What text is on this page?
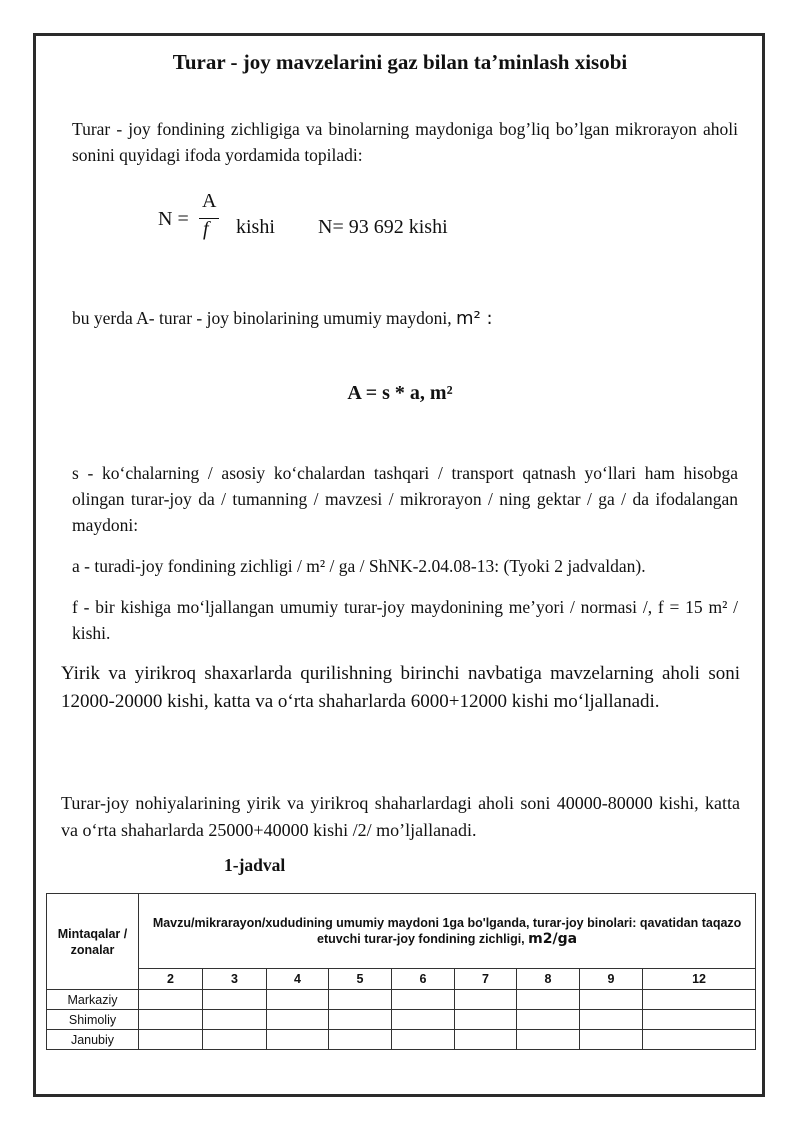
Turar - joy mavzelarini gaz bilan ta’minlash xisobi
Turar - joy fondining zichligiga va binolarning maydoniga bog’liq bo’lgan mikrorayon aholi sonini quyidagi ifoda yordamida topiladi:
N =
A
f kishi N= 93 692 kishi
bu yerda A- turar - joy binolarining umumiy maydoni, m² :
A = s * a, m²
s - ko‘chalarning / asosiy ko‘chalardan tashqari / transport qatnash yo‘llari ham hisobga olingan turar-joy da / tumanning / mavzesi / mikrorayon / ning gektar / ga / da ifodalangan maydoni:
a - turadi-joy fondining zichligi / m² / ga / ShNK-2.04.08-13: (Tyoki 2 jadvaldan).
f - bir kishiga mo‘ljallangan umumiy turar-joy maydonining me’yori / normasi /, f = 15 m² / kishi.
Yirik va yirikroq shaxarlarda qurilishning birinchi navbatiga mavzelarning aholi soni 12000-20000 kishi, katta va o‘rta shaharlarda 6000+12000 kishi mo‘ljallanadi.
Turar-joy nohiyalarining yirik va yirikroq shaharlardagi aholi soni 40000-80000 kishi, katta va o‘rta shaharlarda 25000+40000 kishi /2/ mo’ljallanadi.
1-jadval
Mintaqalar / zonalar	Mavzu/mikrarayon/xududining umumiy maydoni 1ga bo'lganda, turar-joy binolari: qavatidan taqazo etuvchi turar-joy fondining zichligi, m2/ga								
	2	3	4	5	6	7	8	9	12
Markaziy									
Shimoliy									
Janubiy									
